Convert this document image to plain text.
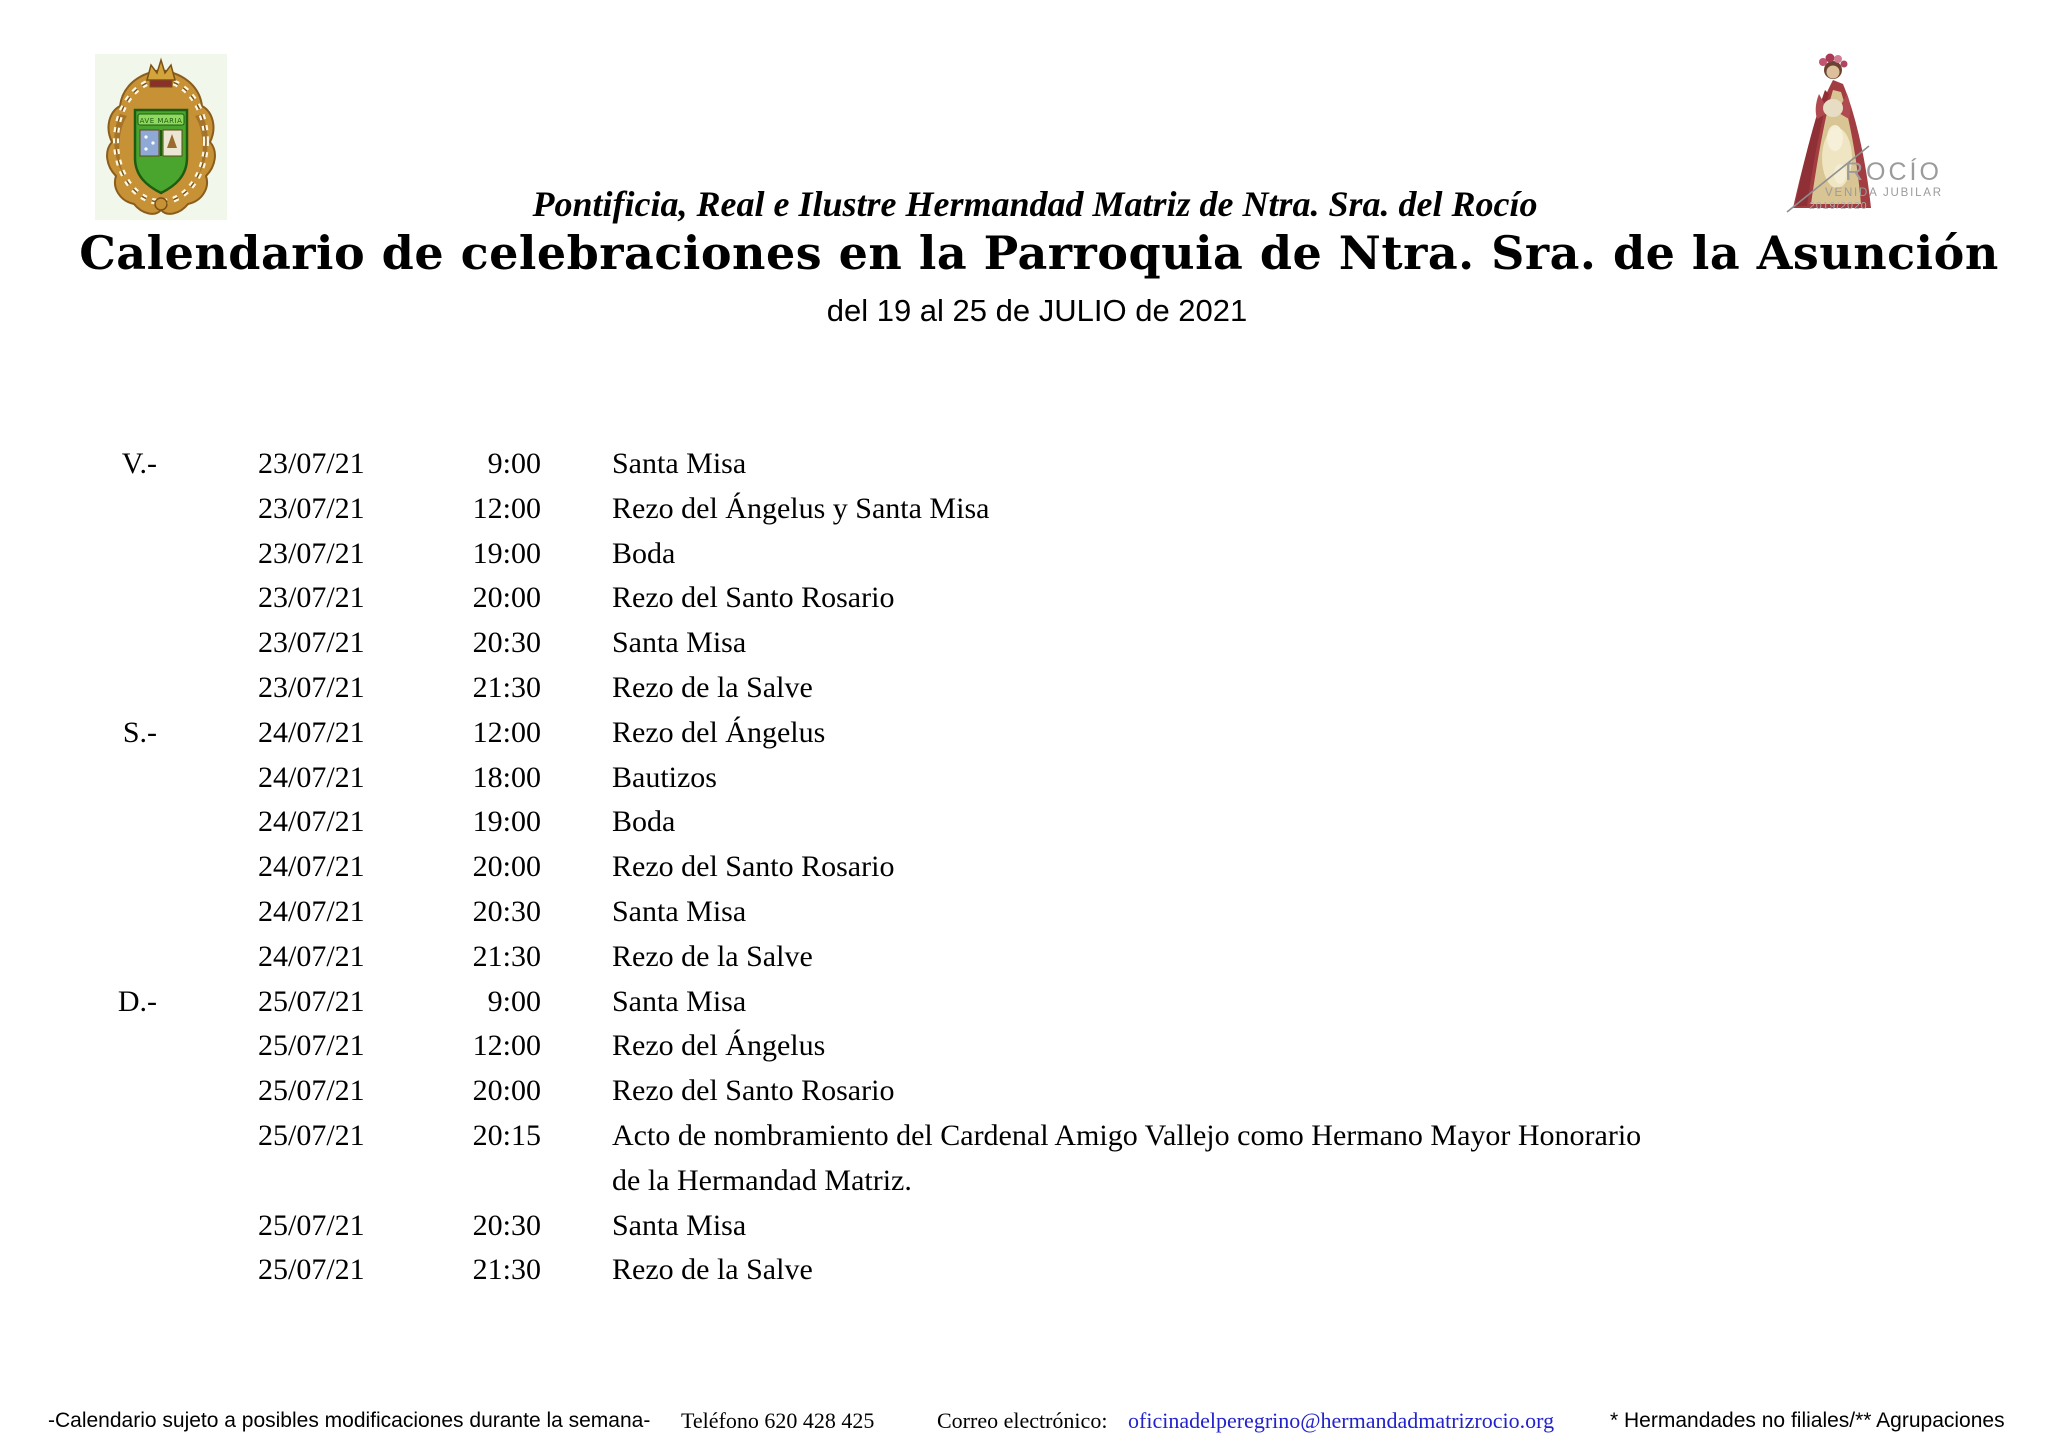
AVE MARIA
ROCÍO
VENIDA JUBILAR
2019/2020
Pontificia, Real e Ilustre Hermandad Matriz de Ntra. Sra. del Rocío
Calendario de celebraciones en la Parroquia de Ntra. Sra. de la Asunción
del 19 al 25 de JULIO de 2021
V.-	23/07/21	9:00 Santa Misa
23/07/21	12:00 Rezo del Ángelus y Santa Misa
23/07/21	19:00 Boda
23/07/21	20:00 Rezo del Santo Rosario
23/07/21	20:30 Santa Misa
23/07/21	21:30 Rezo de la Salve
S.-	24/07/21	12:00 Rezo del Ángelus
24/07/21	18:00 Bautizos
24/07/21	19:00 Boda
24/07/21	20:00 Rezo del Santo Rosario
24/07/21	20:30 Santa Misa
24/07/21	21:30 Rezo de la Salve
D.-	25/07/21	9:00 Santa Misa
25/07/21	12:00 Rezo del Ángelus
25/07/21	20:00 Rezo del Santo Rosario
25/07/21	20:15 Acto de nombramiento del Cardenal Amigo Vallejo como Hermano Mayor Honorario
de la Hermandad Matriz.
25/07/21	20:30 Santa Misa
25/07/21	21:30 Rezo de la Salve
-Calendario sujeto a posibles modificaciones durante la semana- Teléfono 620 428 425	Correo electrónico: oficinadelperegrino@hermandadmatrizrocio.org	* Hermandades no filiales/** Agrupaciones
